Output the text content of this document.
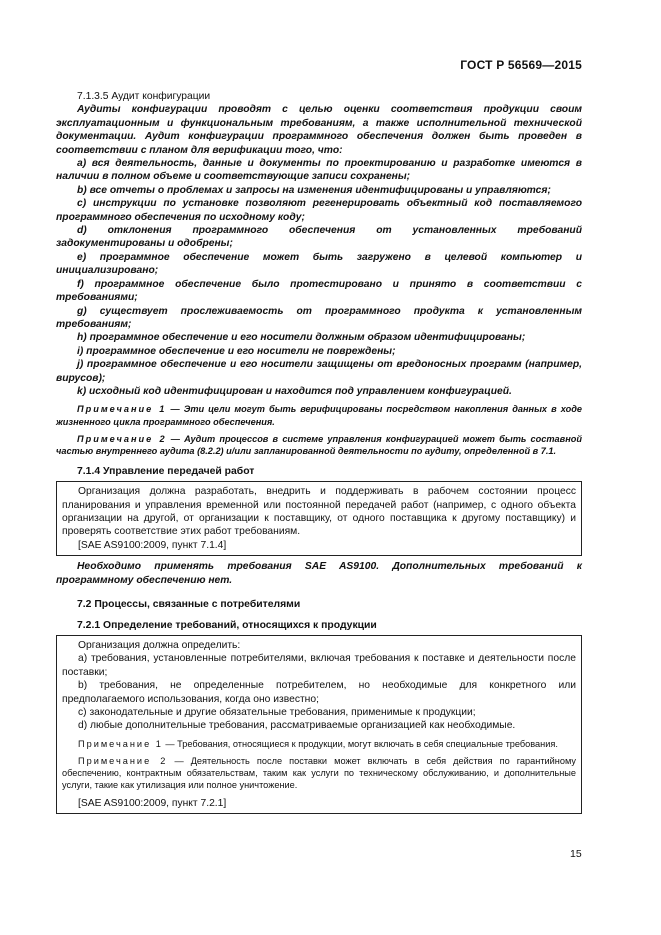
ГОСТ Р 56569—2015

7.1.3.5 Аудит конфигурации

Аудиты конфигурации проводят с целью оценки соответствия продукции своим эксплуатационным и функциональным требованиям, а также исполнительной технической документации. Аудит конфигурации программного обеспечения должен быть проведен в соответствии с планом для верификации того, что:

a) вся деятельность, данные и документы по проектированию и разработке имеются в наличии в полном объеме и соответствующие записи сохранены;

b) все отчеты о проблемах и запросы на изменения идентифицированы и управляются;

c) инструкции по установке позволяют регенерировать объектный код поставляемого программного обеспечения по исходному коду;

d) отклонения программного обеспечения от установленных требований задокументированы и одобрены;

e) программное обеспечение может быть загружено в целевой компьютер и инициализировано;

f) программное обеспечение было протестировано и принято в соответствии с требованиями;

g) существует прослеживаемость от программного продукта к установленным требованиям;

h) программное обеспечение и его носители должным образом идентифицированы;

i) программное обеспечение и его носители не повреждены;

j) программное обеспечение и его носители защищены от вредоносных программ (например, вирусов);

k) исходный код идентифицирован и находится под управлением конфигурацией.

Примечание 1 — Эти цели могут быть верифицированы посредством накопления данных в ходе жизненного цикла программного обеспечения.

Примечание 2 — Аудит процессов в системе управления конфигурацией может быть составной частью внутреннего аудита (8.2.2) и/или запланированной деятельности по аудиту, определенной в 7.1.

7.1.4 Управление передачей работ

Организация должна разработать, внедрить и поддерживать в рабочем состоянии процесс планирования и управления временной или постоянной передачей работ (например, с одного объекта организации на другой, от организации к поставщику, от одного поставщика к другому поставщику) и проверять соответствие этих работ требованиям.

[SAE AS9100:2009, пункт 7.1.4]

Необходимо применять требования SAE AS9100. Дополнительных требований к программному обеспечению нет.

7.2 Процессы, связанные с потребителями

7.2.1 Определение требований, относящихся к продукции

Организация должна определить:

a) требования, установленные потребителями, включая требования к поставке и деятельности после поставки;

b) требования, не определенные потребителем, но необходимые для конкретного или предполагаемого использования, когда оно известно;

c) законодательные и другие обязательные требования, применимые к продукции;

d) любые дополнительные требования, рассматриваемые организацией как необходимые.

Примечание 1 — Требования, относящиеся к продукции, могут включать в себя специальные требования.

Примечание 2 — Деятельность после поставки может включать в себя действия по гарантийному обеспечению, контрактным обязательствам, таким как услуги по техническому обслуживанию, и дополнительные услуги, такие как утилизация или полное уничтожение.

[SAE AS9100:2009, пункт 7.2.1]

15
